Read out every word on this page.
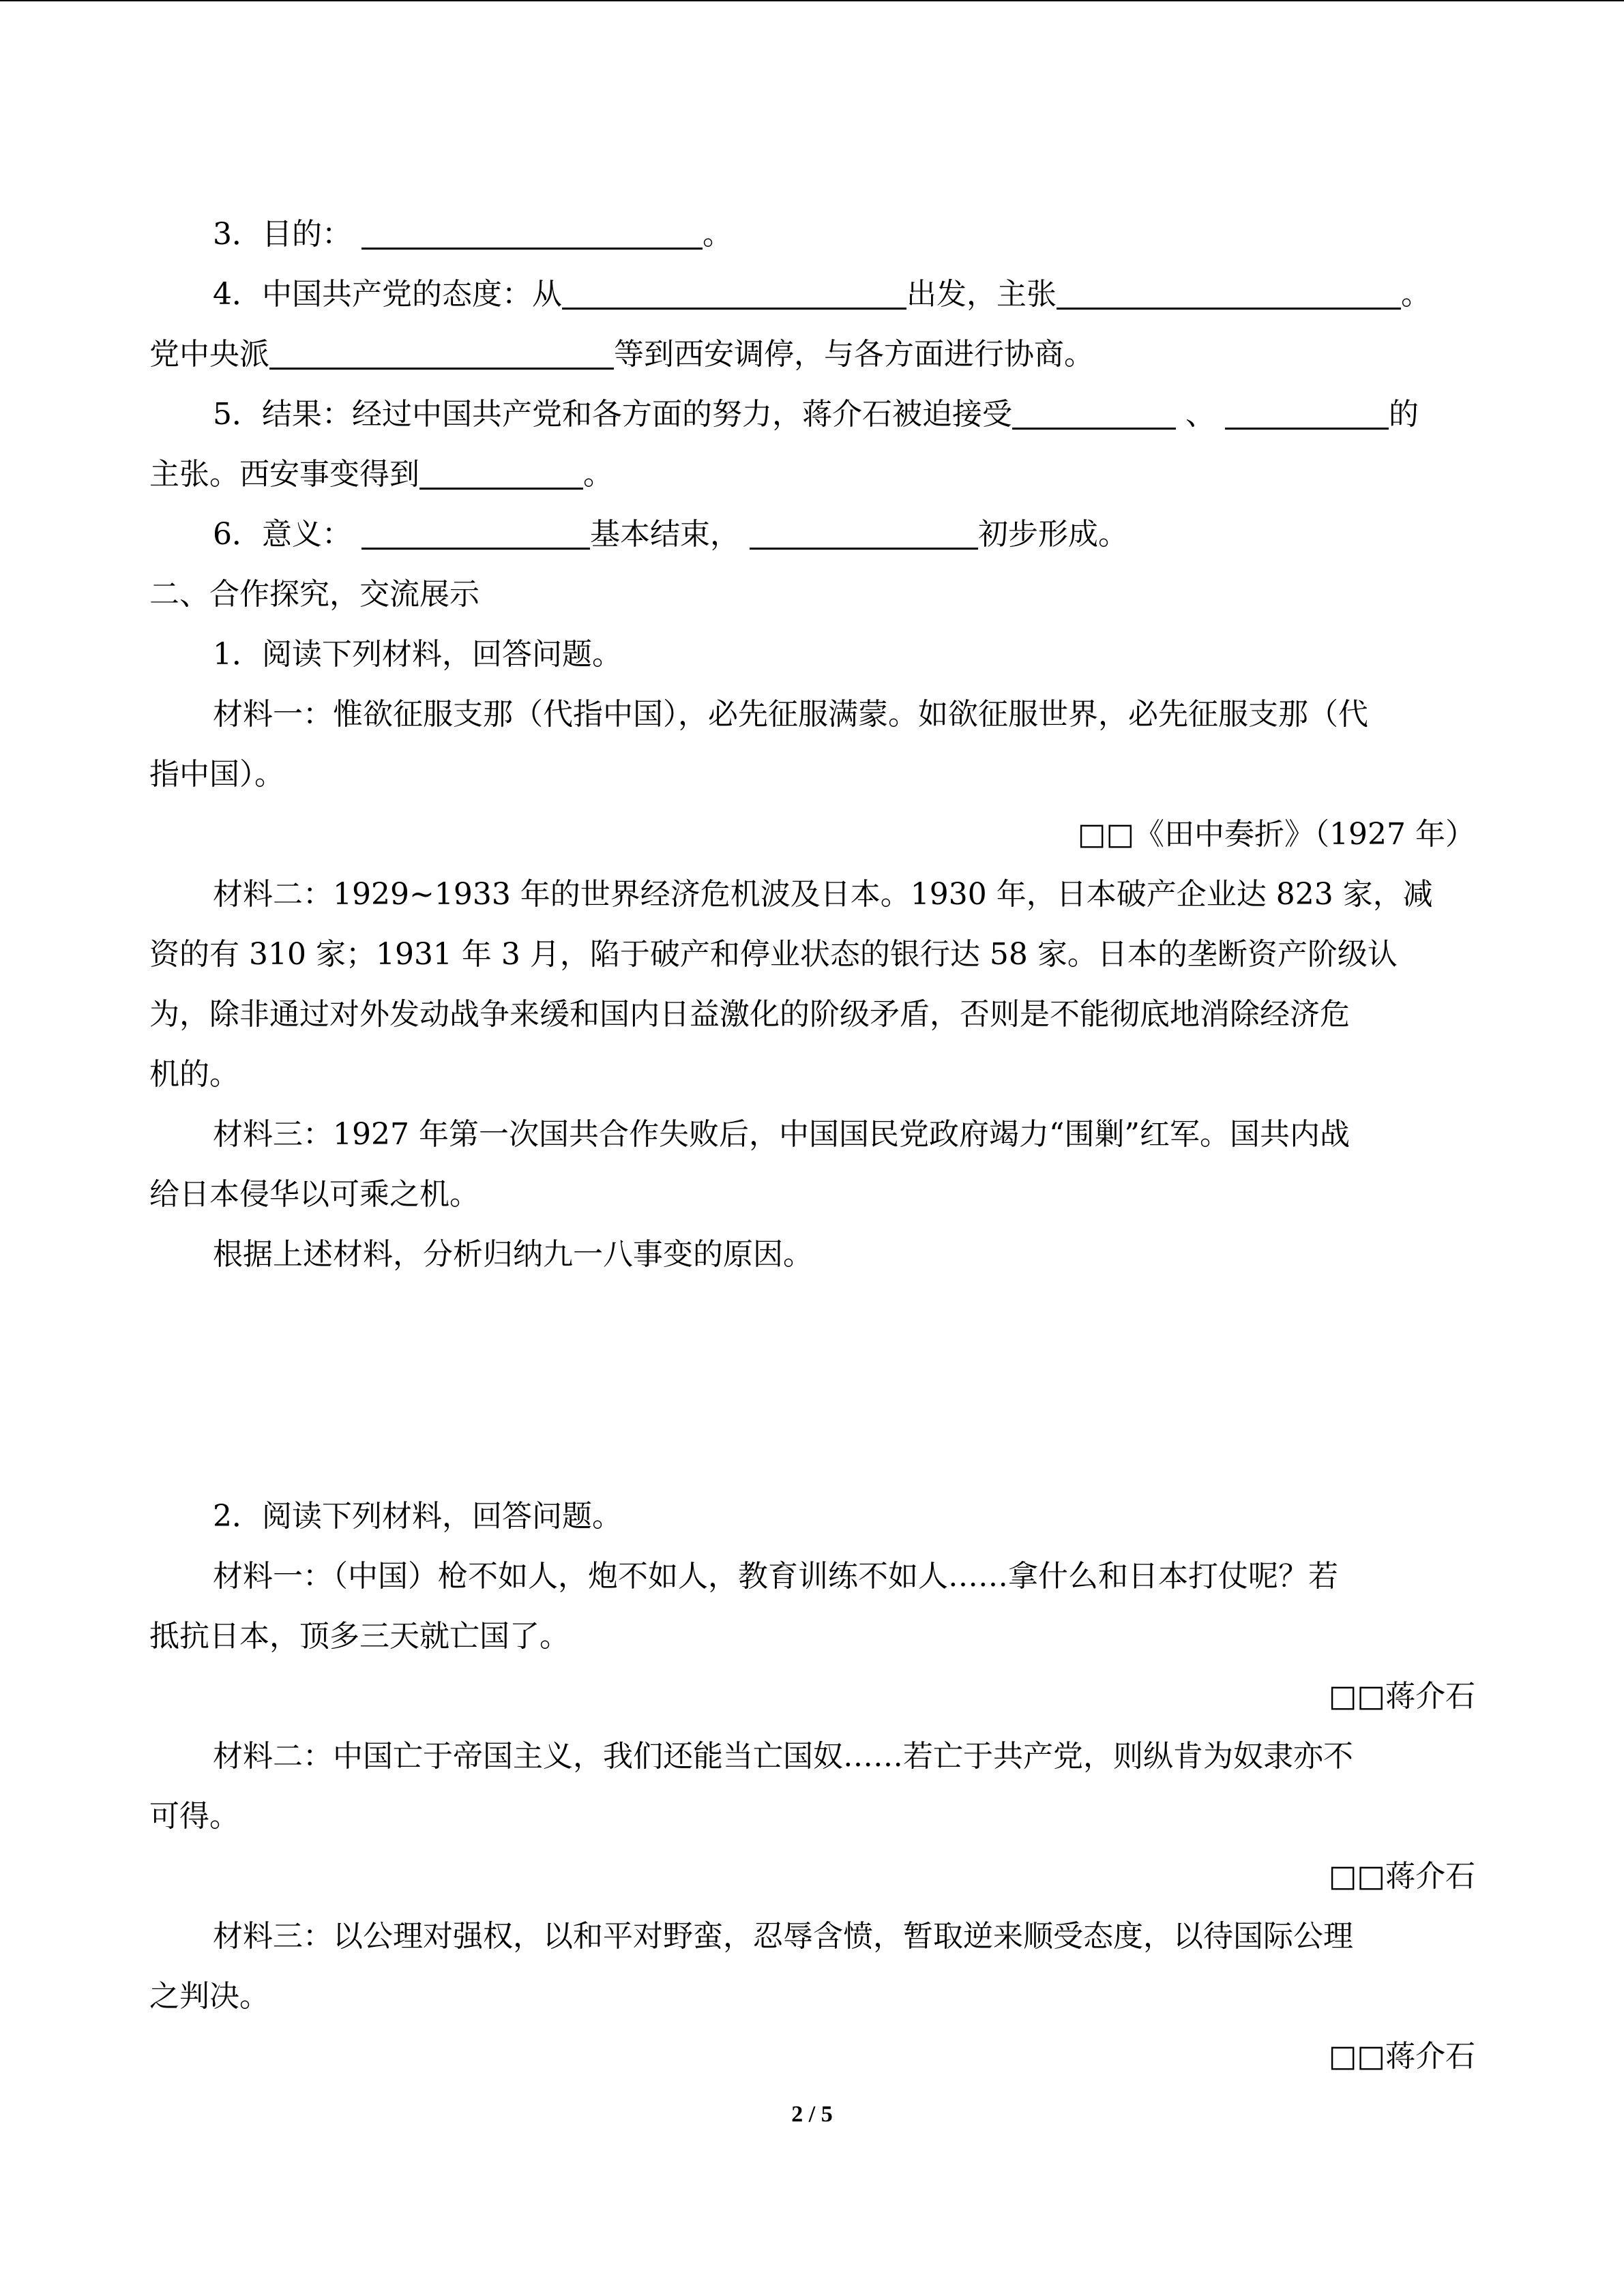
3．目的：	。
4．中国共产党的态度：从	出发，主张	。
党中央派	等到西安调停，与各方面进行协商。
5．结果：经过中国共产党和各方面的努力，蒋介石被迫接受	、	的
主张。西安事变得到	。
6．意义：	基本结束，	初步形成。
二、合作探究，交流展示
1．阅读下列材料，回答问题。
材料一：惟欲征服支那（代指中国），必先征服满蒙。如欲征服世界，必先征服支那（代
指中国）。
□□《田中奏折》（1927 年）
材料二：1929~1933 年的世界经济危机波及日本。1930 年，日本破产企业达 823 家，减
资的有 310 家；1931 年 3 月，陷于破产和停业状态的银行达 58 家。日本的垄断资产阶级认
为，除非通过对外发动战争来缓和国内日益激化的阶级矛盾，否则是不能彻底地消除经济危
机的。
材料三：1927 年第一次国共合作失败后，中国国民党政府竭力“围剿”红军。国共内战
给日本侵华以可乘之机。
根据上述材料，分析归纳九一八事变的原因。
2．阅读下列材料，回答问题。
材料一：（中国）枪不如人，炮不如人，教育训练不如人……拿什么和日本打仗呢？若
抵抗日本，顶多三天就亡国了。
□□蒋介石
材料二：中国亡于帝国主义，我们还能当亡国奴……若亡于共产党，则纵肯为奴隶亦不
可得。
□□蒋介石
材料三：以公理对强权，以和平对野蛮，忍辱含愤，暂取逆来顺受态度，以待国际公理
之判决。
□□蒋介石
2 / 5
